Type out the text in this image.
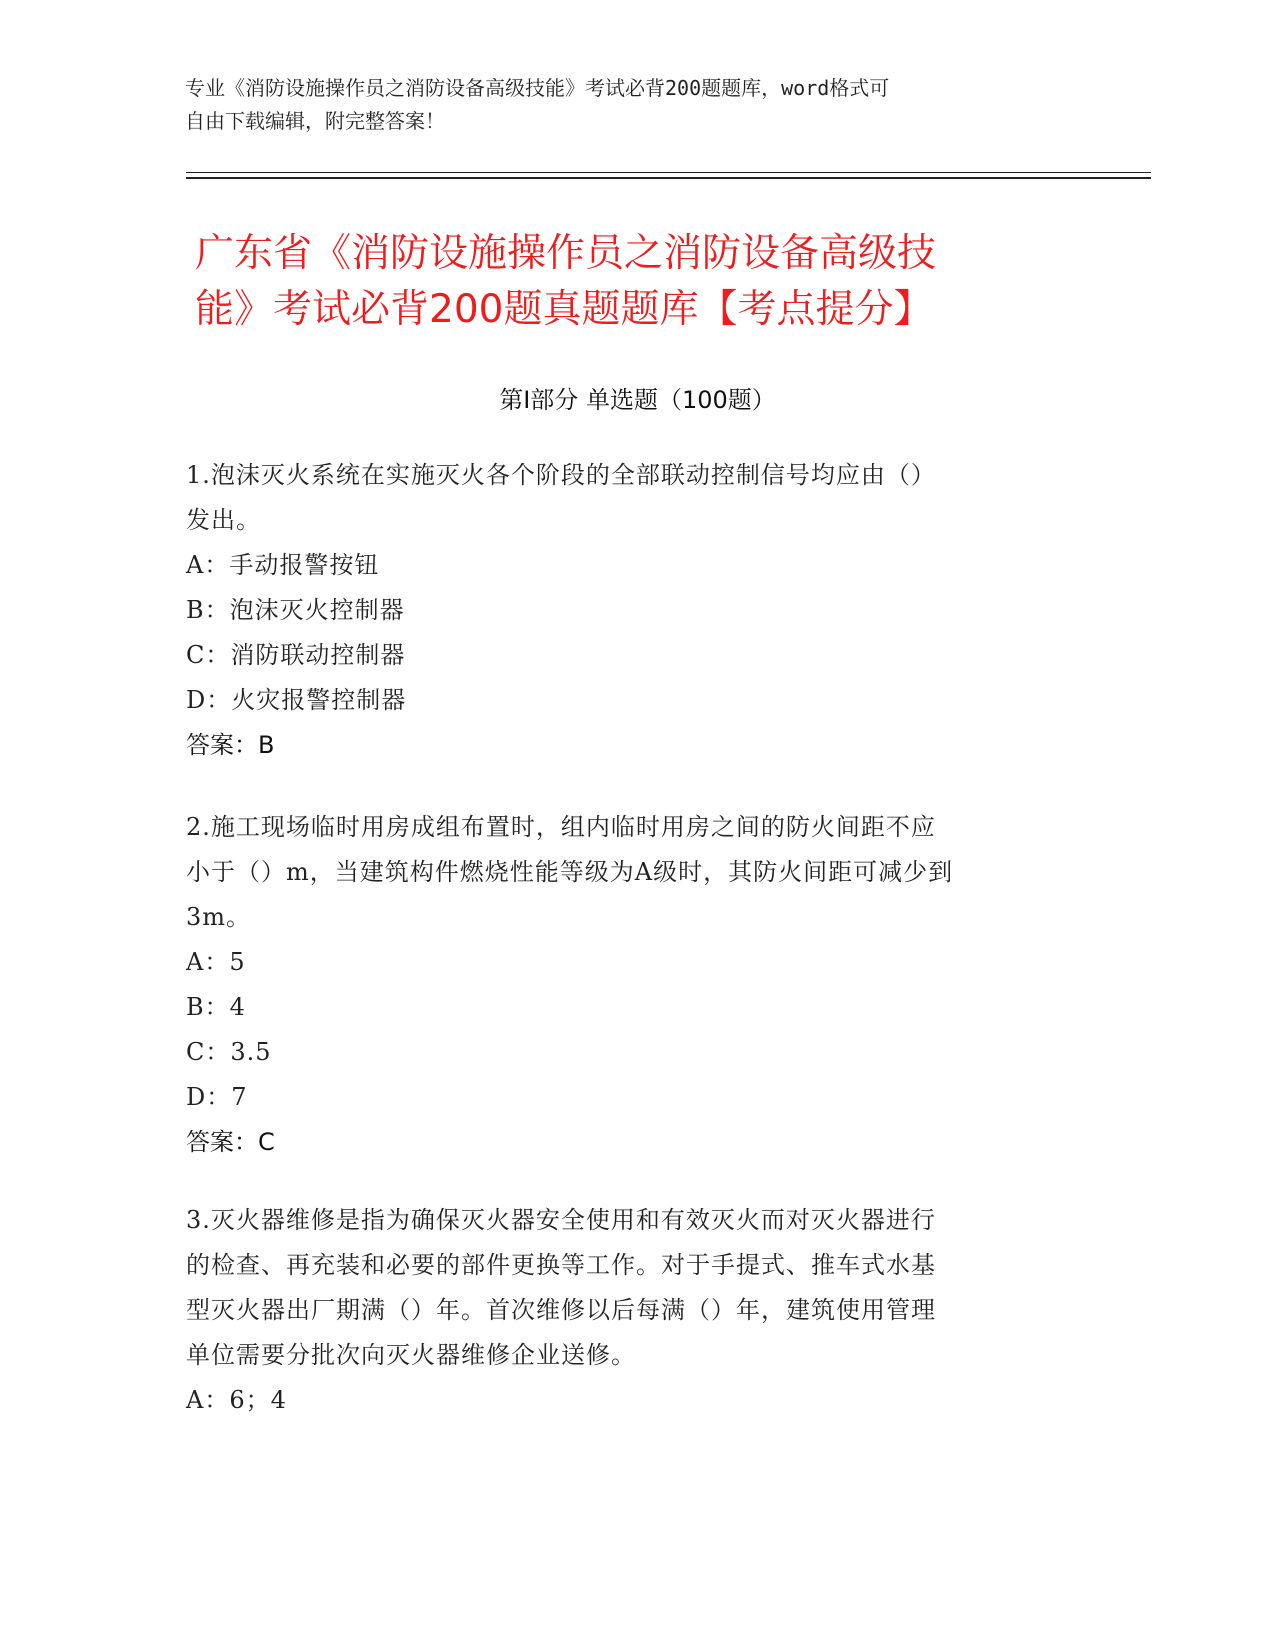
专业《消防设施操作员之消防设备高级技能》考试必背200题题库，word格式可
自由下载编辑，附完整答案！
广东省《消防设施操作员之消防设备高级技
能》考试必背200题真题题库【考点提分】
第Ⅰ部分 单选题（100题）
1.泡沫灭火系统在实施灭火各个阶段的全部联动控制信号均应由（）
发出。
A：手动报警按钮
B：泡沫灭火控制器
C：消防联动控制器
D：火灾报警控制器
答案：B
2.施工现场临时用房成组布置时，组内临时用房之间的防火间距不应
小于（）m，当建筑构件燃烧性能等级为A级时，其防火间距可减少到
3m。
A：5
B：4
C：3.5
D：7
答案：C
3.灭火器维修是指为确保灭火器安全使用和有效灭火而对灭火器进行
的检查、再充装和必要的部件更换等工作。对于手提式、推车式水基
型灭火器出厂期满（）年。首次维修以后每满（）年，建筑使用管理
单位需要分批次向灭火器维修企业送修。
A：6；4
